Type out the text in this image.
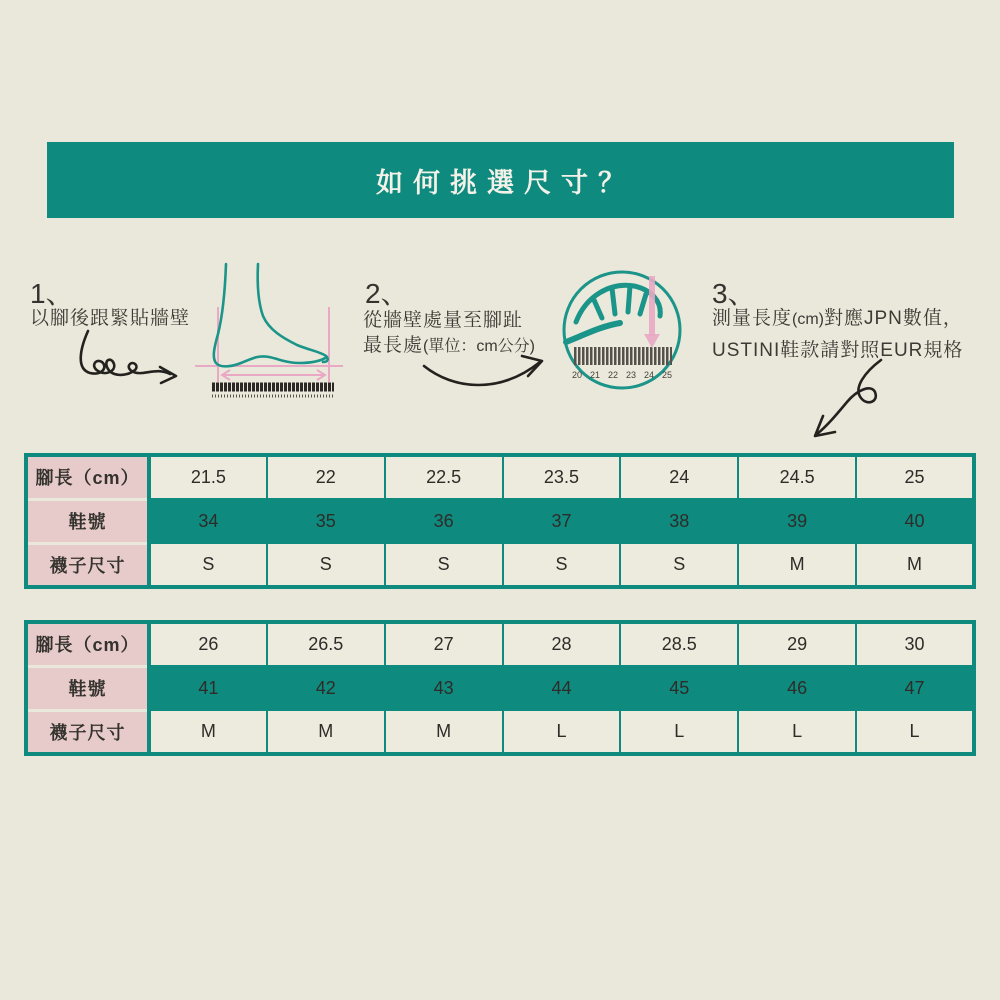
如何挑選尺寸？
1、
以腳後跟緊貼牆壁
2、
從牆壁處量至腳趾
最長處(單位：cm公分)
20 21 22 23 24 25
3、
測量長度(cm)對應JPN數值，
USTINI鞋款請對照EUR規格
腳長（cm）	21.5	22	22.5	23.5	24	24.5	25
鞋號	34	35	36	37	38	39	40
襪子尺寸	S	S	S	S	S	M	M
腳長（cm）	26	26.5	27	28	28.5	29	30
鞋號	41	42	43	44	45	46	47
襪子尺寸	M	M	M	L	L	L	L
